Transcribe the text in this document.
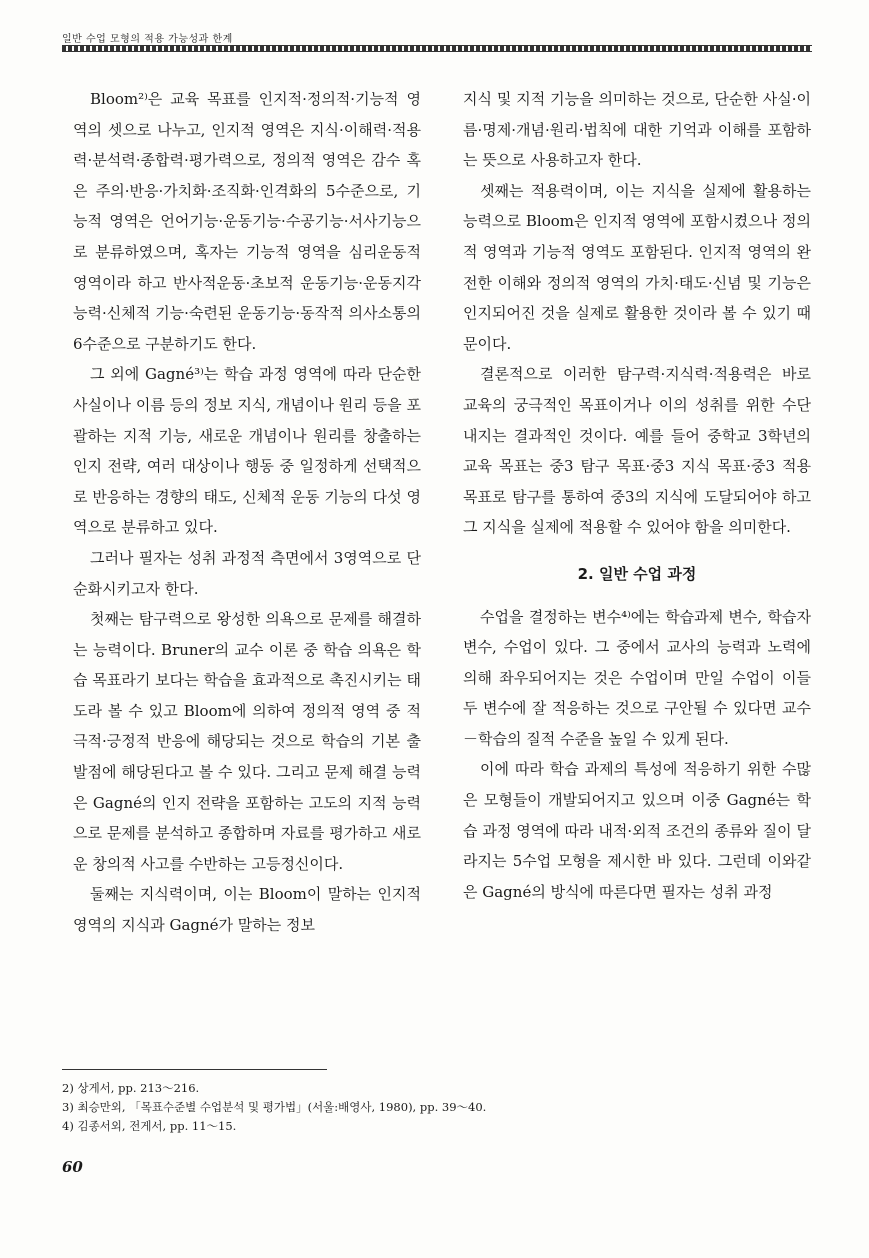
일반 수업 모형의 적용 가능성과 한계

Bloom²⁾은 교육 목표를 인지적·정의적·기능적 영역의 셋으로 나누고, 인지적 영역은 지식·이해력·적용력·분석력·종합력·평가력으로, 정의적 영역은 감수 혹은 주의·반응·가치화·조직화·인격화의 5수준으로, 기능적 영역은 언어기능·운동기능·수공기능·서사기능으로 분류하였으며, 혹자는 기능적 영역을 심리운동적 영역이라 하고 반사적운동·초보적 운동기능·운동지각능력·신체적 기능·숙련된 운동기능·동작적 의사소통의 6수준으로 구분하기도 한다.

그 외에 Gagné³⁾는 학습 과정 영역에 따라 단순한 사실이나 이름 등의 정보 지식, 개념이나 원리 등을 포괄하는 지적 기능, 새로운 개념이나 원리를 창출하는 인지 전략, 여러 대상이나 행동 중 일정하게 선택적으로 반응하는 경향의 태도, 신체적 운동 기능의 다섯 영역으로 분류하고 있다.

그러나 필자는 성취 과정적 측면에서 3영역으로 단순화시키고자 한다.

첫째는 탐구력으로 왕성한 의욕으로 문제를 해결하는 능력이다. Bruner의 교수 이론 중 학습 의욕은 학습 목표라기 보다는 학습을 효과적으로 촉진시키는 태도라 볼 수 있고 Bloom에 의하여 정의적 영역 중 적극적·긍정적 반응에 해당되는 것으로 학습의 기본 출발점에 해당된다고 볼 수 있다. 그리고 문제 해결 능력은 Gagné의 인지 전략을 포함하는 고도의 지적 능력으로 문제를 분석하고 종합하며 자료를 평가하고 새로운 창의적 사고를 수반하는 고등정신이다.

둘째는 지식력이며, 이는 Bloom이 말하는 인지적 영역의 지식과 Gagné가 말하는 정보

지식 및 지적 기능을 의미하는 것으로, 단순한 사실·이름·명제·개념·원리·법칙에 대한 기억과 이해를 포함하는 뜻으로 사용하고자 한다.

셋째는 적용력이며, 이는 지식을 실제에 활용하는 능력으로 Bloom은 인지적 영역에 포함시켰으나 정의적 영역과 기능적 영역도 포함된다. 인지적 영역의 완전한 이해와 정의적 영역의 가치·태도·신념 및 기능은 인지되어진 것을 실제로 활용한 것이라 볼 수 있기 때문이다.

결론적으로 이러한 탐구력·지식력·적용력은 바로 교육의 궁극적인 목표이거나 이의 성취를 위한 수단 내지는 결과적인 것이다. 예를 들어 중학교 3학년의 교육 목표는 중3 탐구 목표·중3 지식 목표·중3 적용 목표로 탐구를 통하여 중3의 지식에 도달되어야 하고 그 지식을 실제에 적용할 수 있어야 함을 의미한다.

2. 일반 수업 과정

수업을 결정하는 변수⁴⁾에는 학습과제 변수, 학습자 변수, 수업이 있다. 그 중에서 교사의 능력과 노력에 의해 좌우되어지는 것은 수업이며 만일 수업이 이들 두 변수에 잘 적응하는 것으로 구안될 수 있다면 교수－학습의 질적 수준을 높일 수 있게 된다.

이에 따라 학습 과제의 특성에 적응하기 위한 수많은 모형들이 개발되어지고 있으며 이중 Gagné는 학습 과정 영역에 따라 내적·외적 조건의 종류와 질이 달라지는 5수업 모형을 제시한 바 있다. 그런데 이와같은 Gagné의 방식에 따른다면 필자는 성취 과정

2) 상게서, pp. 213～216.
3) 최승만외, 「목표수준별 수업분석 및 평가법」(서울:배영사, 1980), pp. 39～40.
4) 김종서외, 전게서, pp. 11～15.
60
